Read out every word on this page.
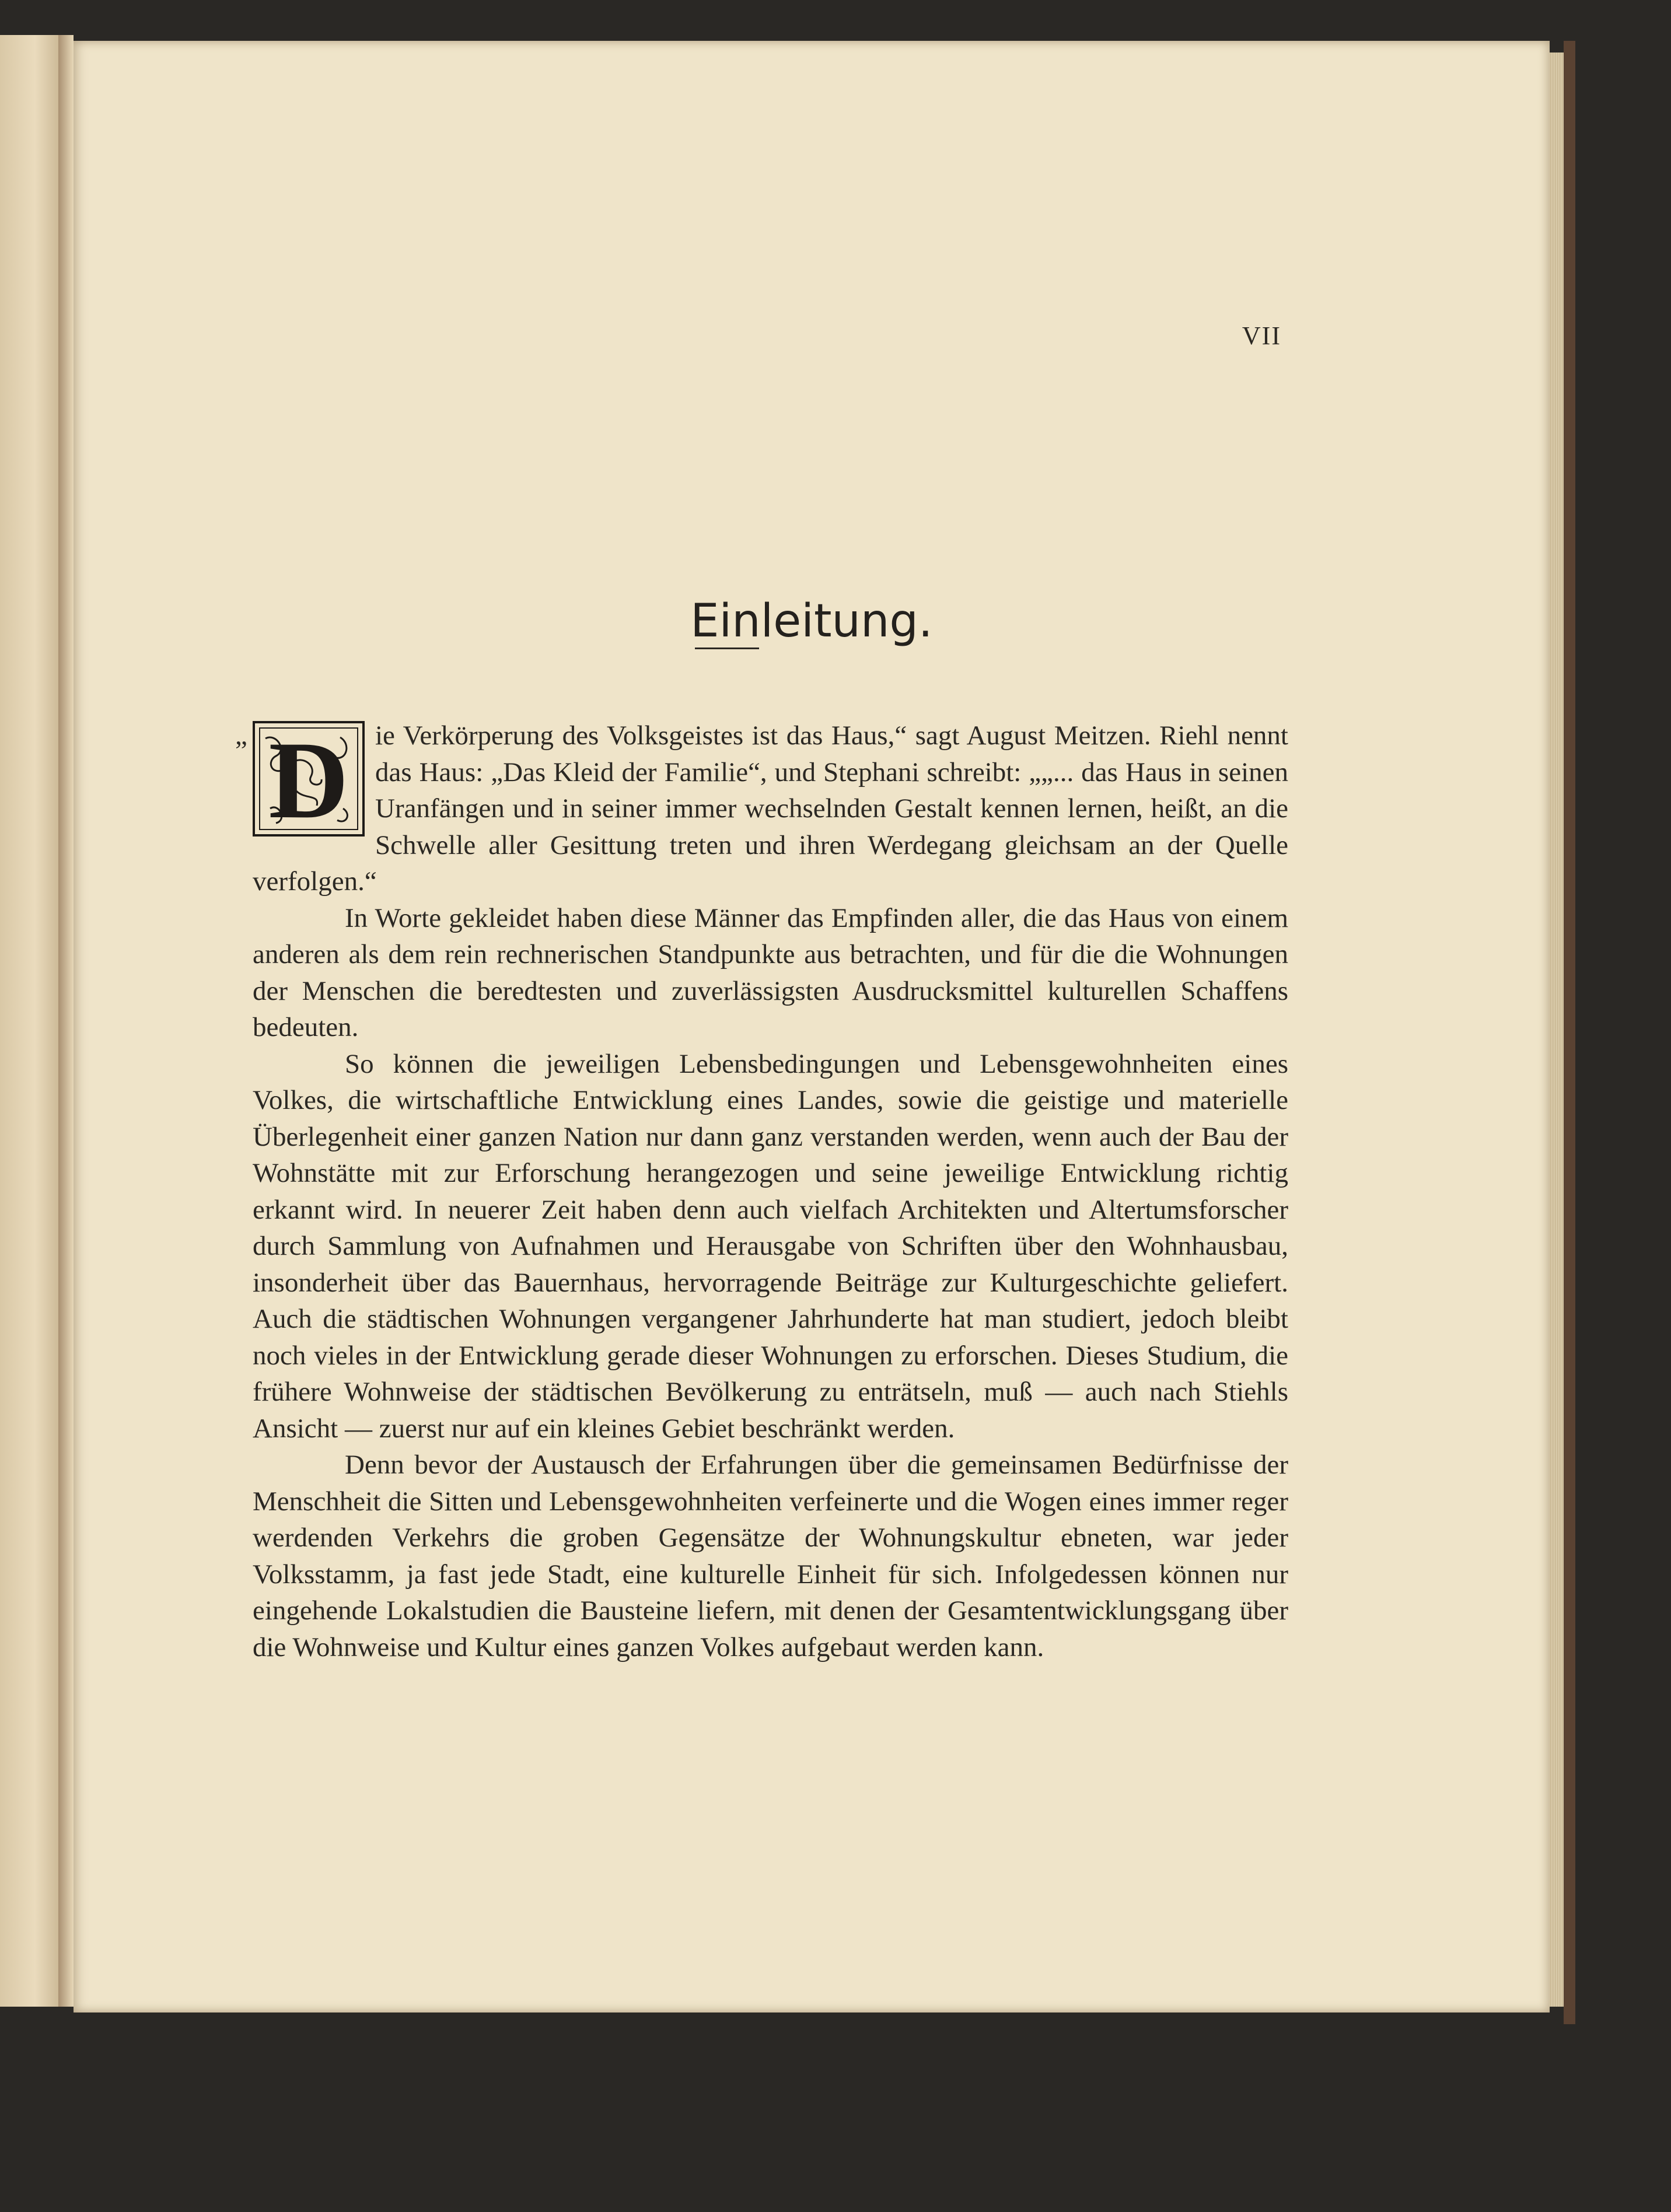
VII
Einleitung.
„ D ie Verkörperung des Volksgeistes ist das Haus,“ sagt August Meitzen. Riehl nennt das Haus: „Das Kleid der Familie“, und Stephani schreibt: „„... das Haus in seinen Uranfängen und in seiner immer wechselnden Gestalt kennen lernen, heißt, an die Schwelle aller Gesittung treten und ihren Werdegang gleichsam an der Quelle verfolgen.“

In Worte gekleidet haben diese Männer das Empfinden aller, die das Haus von einem anderen als dem rein rechnerischen Standpunkte aus betrachten, und für die die Wohnungen der Menschen die beredtesten und zuverlässigsten Ausdrucksmittel kulturellen Schaffens bedeuten.

So können die jeweiligen Lebensbedingungen und Lebensgewohnheiten eines Volkes, die wirtschaftliche Entwicklung eines Landes, sowie die geistige und materielle Überlegenheit einer ganzen Nation nur dann ganz verstanden werden, wenn auch der Bau der Wohnstätte mit zur Erforschung herangezogen und seine jeweilige Entwicklung richtig erkannt wird. In neuerer Zeit haben denn auch vielfach Architekten und Altertumsforscher durch Sammlung von Aufnahmen und Herausgabe von Schriften über den Wohnhausbau, insonderheit über das Bauernhaus, hervorragende Beiträge zur Kulturgeschichte geliefert. Auch die städtischen Wohnungen vergangener Jahrhunderte hat man studiert, jedoch bleibt noch vieles in der Entwicklung gerade dieser Wohnungen zu erforschen. Dieses Studium, die frühere Wohnweise der städtischen Bevölkerung zu enträtseln, muß — auch nach Stiehls Ansicht — zuerst nur auf ein kleines Gebiet beschränkt werden.

Denn bevor der Austausch der Erfahrungen über die gemeinsamen Bedürfnisse der Menschheit die Sitten und Lebensgewohnheiten verfeinerte und die Wogen eines immer reger werdenden Verkehrs die groben Gegensätze der Wohnungskultur ebneten, war jeder Volksstamm, ja fast jede Stadt, eine kulturelle Einheit für sich. Infolgedessen können nur eingehende Lokalstudien die Bausteine liefern, mit denen der Gesamtentwicklungsgang über die Wohnweise und Kultur eines ganzen Volkes aufgebaut werden kann.
